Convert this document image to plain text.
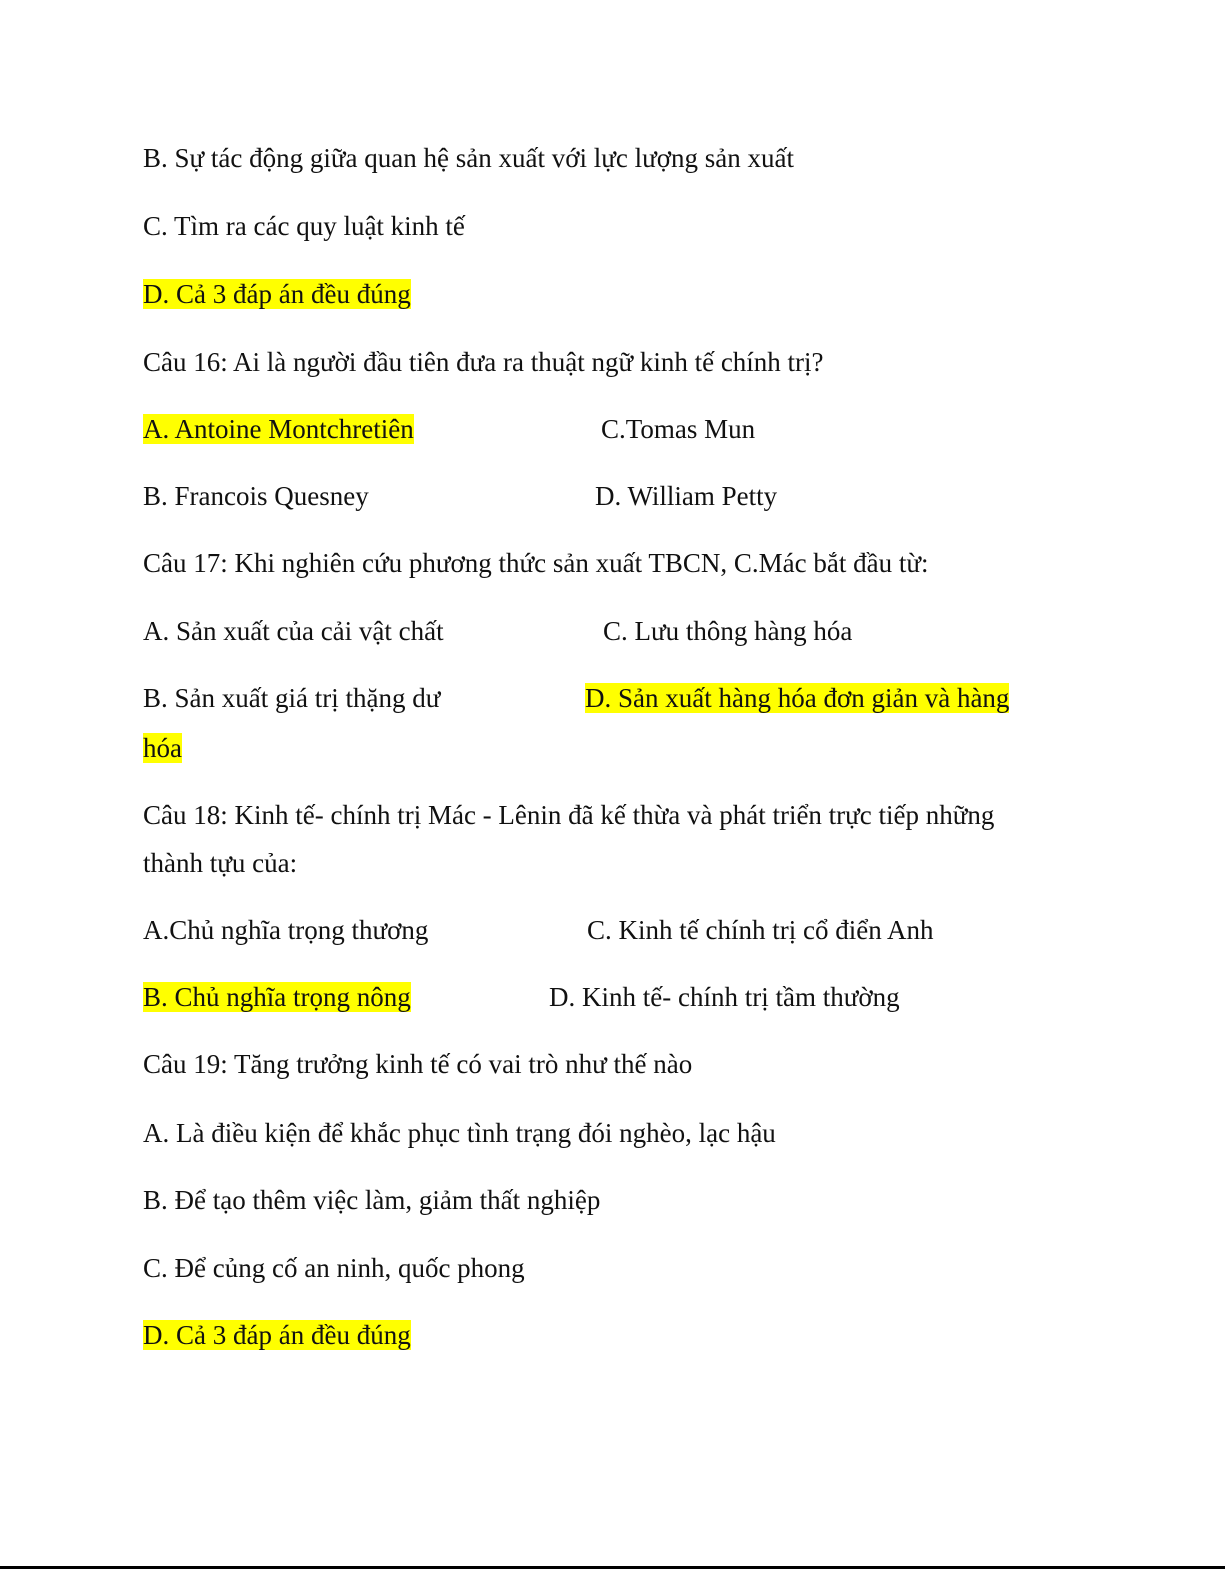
B. Sự tác động giữa quan hệ sản xuất với lực lượng sản xuất
C. Tìm ra các quy luật kinh tế
D. Cả 3 đáp án đều đúng
Câu 16: Ai là người đầu tiên đưa ra thuật ngữ kinh tế chính trị?
A. Antoine Montchretiên	C.Tomas Mun
B. Francois Quesney	D. William Petty
Câu 17: Khi nghiên cứu phương thức sản xuất TBCN, C.Mác bắt đầu từ:
A. Sản xuất của cải vật chất	C. Lưu thông hàng hóa
B. Sản xuất giá trị thặng dư	D. Sản xuất hàng hóa đơn giản và hàng
hóa
Câu 18: Kinh tế- chính trị Mác - Lênin đã kế thừa và phát triển trực tiếp những
thành tựu của:
A.Chủ nghĩa trọng thương	C. Kinh tế chính trị cổ điển Anh
B. Chủ nghĩa trọng nông	D. Kinh tế- chính trị tầm thường
Câu 19: Tăng trưởng kinh tế có vai trò như thế nào
A. Là điều kiện để khắc phục tình trạng đói nghèo, lạc hậu
B. Để tạo thêm việc làm, giảm thất nghiệp
C. Để củng cố an ninh, quốc phong
D. Cả 3 đáp án đều đúng
